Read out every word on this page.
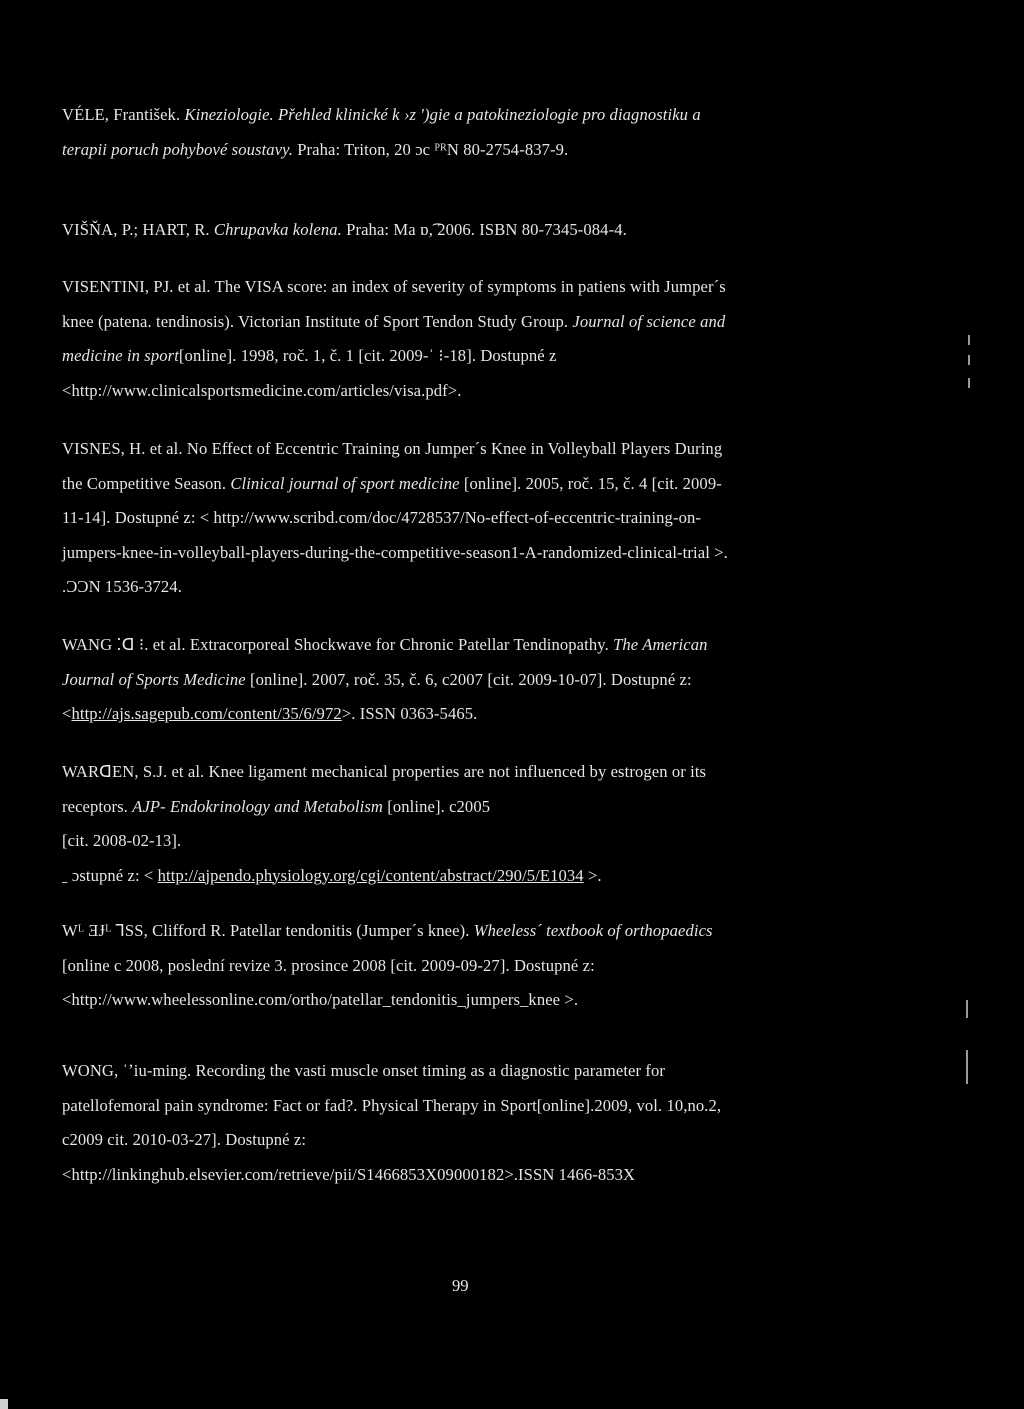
VÉLE, František. Kineziologie. Přehled klinické k ›z ')gie a patokineziologie pro diagnostiku a
terapii poruch pohybové soustavy. Praha: Triton, 20 ɔc ᴾᴿN 80-2754-837-9.
VIŠŇA, P.; HART, R. Chrupavka kolena. Praha: Ma ɒ,͡ 2006. ISBN 80-7345-084-4.
VISENTINI, PJ. et al. The VISA score: an index of severity of symptoms in patiens with Jumper´s
knee (patena. tendinosis). Victorian Institute of Sport Tendon Study Group. Journal of science and
medicine in sport[online]. 1998, roč. 1, č. 1 [cit. 2009-ˈ ⁝-18]. Dostupné z
<http://www.clinicalsportsmedicine.com/articles/visa.pdf>.
VISNES, H. et al. No Effect of Eccentric Training on Jumper´s Knee in Volleyball Players During
the Competitive Season. Clinical journal of sport medicine [online]. 2005, roč. 15, č. 4 [cit. 2009-
11-14]. Dostupné z: < http://www.scribd.com/doc/4728537/No-effect-of-eccentric-training-on-
jumpers-knee-in-volleyball-players-during-the-competitive-season1-A-randomized-clinical-trial >.
.ƆƆN 1536-3724.
WANG ⁚ꓷ ⁝. et al. Extracorporeal Shockwave for Chronic Patellar Tendinopathy. The American
Journal of Sports Medicine [online]. 2007, roč. 35, č. 6, c2007 [cit. 2009-10-07]. Dostupné z:
<http://ajs.sagepub.com/content/35/6/972>. ISSN 0363-5465.
WARꓷEN, S.J. et al. Knee ligament mechanical properties are not influenced by estrogen or its
receptors. AJP- Endokrinology and Metabolism [online]. c2005
[cit. 2008-02-13].
ˍ ɔstupné z: < http://ajpendo.physiology.org/cgi/content/abstract/290/5/E1034 >.
Wᴸ ƎɈᴸ ꓶSS, Clifford R. Patellar tendonitis (Jumper´s knee). Wheeless´ textbook of orthopaedics
[online c 2008, poslední revize 3. prosince 2008 [cit. 2009-09-27]. Dostupné z:
<http://www.wheelessonline.com/ortho/patellar_tendonitis_jumpers_knee >.
WONG, ˈʼiu-ming. Recording the vasti muscle onset timing as a diagnostic parameter for
patellofemoral pain syndrome: Fact or fad?. Physical Therapy in Sport[online].2009, vol. 10,no.2,
c2009 cit. 2010-03-27]. Dostupné z:
<http://linkinghub.elsevier.com/retrieve/pii/S1466853X09000182>.ISSN 1466-853X
99
